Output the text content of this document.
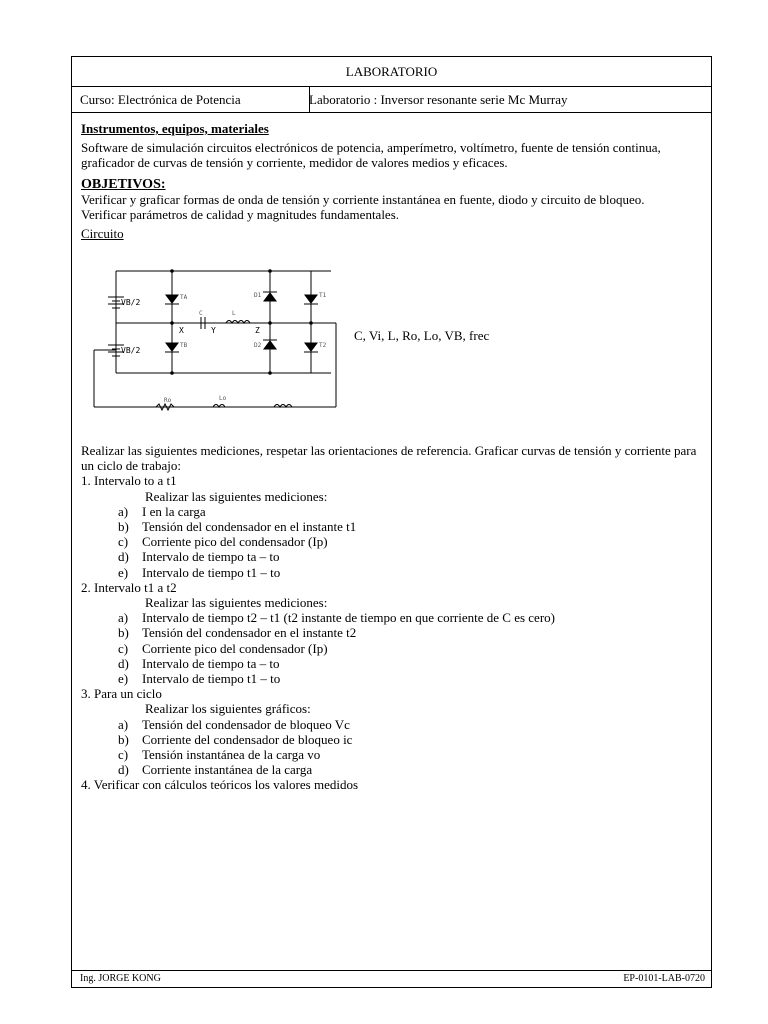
LABORATORIO
Curso: Electrónica de Potencia	Laboratorio : Inversor resonante serie Mc Murray

Instrumentos, equipos, materiales

Software de simulación circuitos electrónicos de potencia, amperímetro, voltímetro, fuente de tensión continua, graficador de curvas de tensión y corriente, medidor de valores medios y eficaces.

OBJETIVOS:

Verificar y graficar formas de onda de tensión y corriente instantánea en fuente, diodo y circuito de bloqueo.

Verificar parámetros de calidad y magnitudes fundamentales.

Circuito

VB/2
VB/2
TA
TB
D1
D2
T1
T2
C	L
X	Y	Z
Ro	Lo
C, Vi, L, Ro, Lo, VB, frec

Realizar las siguientes mediciones, respetar las orientaciones de referencia. Graficar curvas de tensión y corriente para un ciclo de trabajo:

1. Intervalo to a t1

Realizar las siguientes mediciones:

a) I en la carga

b) Tensión del condensador en el instante t1

c) Corriente pico del condensador (Ip)

d) Intervalo de tiempo ta – to

e) Intervalo de tiempo t1 – to

2. Intervalo t1 a t2

Realizar las siguientes mediciones:

a) Intervalo de tiempo t2 – t1 (t2 instante de tiempo en que corriente de C es cero)

b) Tensión del condensador en el instante t2

c) Corriente pico del condensador (Ip)

d) Intervalo de tiempo ta – to

e) Intervalo de tiempo t1 – to

3. Para un ciclo

Realizar los siguientes gráficos:

a) Tensión del condensador de bloqueo Vc

b) Corriente del condensador de bloqueo ic

c) Tensión instantánea de la carga vo

d) Corriente instantánea de la carga

4. Verificar con cálculos teóricos los valores medidos

Ing. JORGE KONG	EP-0101-LAB-0720
